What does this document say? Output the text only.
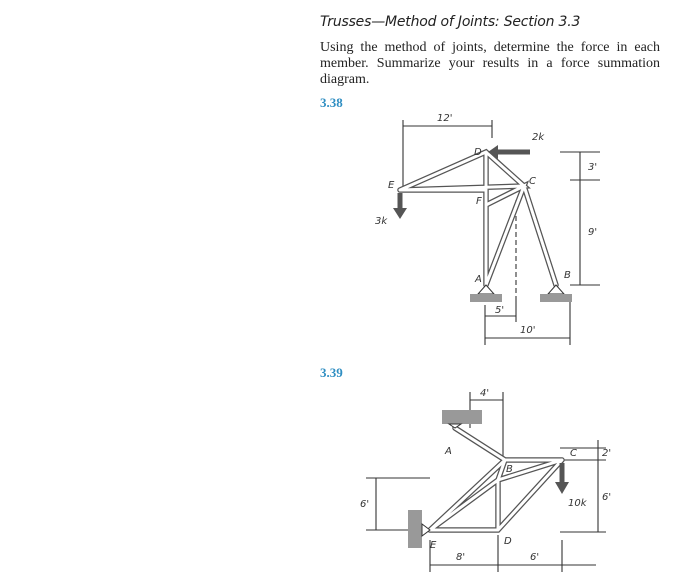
Trusses—Method of Joints: Section 3.3
Using the method of joints, determine the force in each member. Summarize your results in a force summation diagram.
3.38
3.39
12'
2k
3k
3'
9'
5'
10'
A	B
C
D
E
F
4'
6'
2'
6'
8'	6'
10k
A
B
C
D
E
